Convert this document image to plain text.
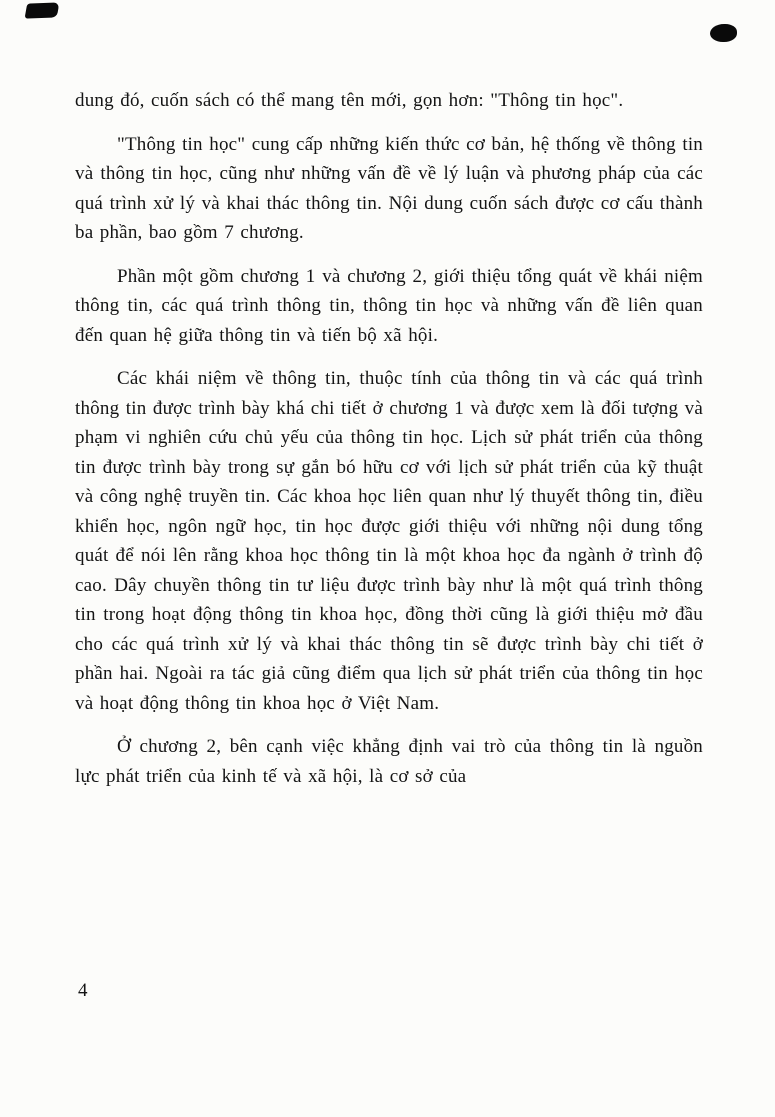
dung đó, cuốn sách có thể mang tên mới, gọn hơn: "Thông tin học".

"Thông tin học" cung cấp những kiến thức cơ bản, hệ thống về thông tin và thông tin học, cũng như những vấn đề về lý luận và phương pháp của các quá trình xử lý và khai thác thông tin. Nội dung cuốn sách được cơ cấu thành ba phần, bao gồm 7 chương.

Phần một gồm chương 1 và chương 2, giới thiệu tổng quát về khái niệm thông tin, các quá trình thông tin, thông tin học và những vấn đề liên quan đến quan hệ giữa thông tin và tiến bộ xã hội.

Các khái niệm về thông tin, thuộc tính của thông tin và các quá trình thông tin được trình bày khá chi tiết ở chương 1 và được xem là đối tượng và phạm vi nghiên cứu chủ yếu của thông tin học. Lịch sử phát triển của thông tin được trình bày trong sự gắn bó hữu cơ với lịch sử phát triển của kỹ thuật và công nghệ truyền tin. Các khoa học liên quan như lý thuyết thông tin, điều khiển học, ngôn ngữ học, tin học được giới thiệu với những nội dung tổng quát để nói lên rằng khoa học thông tin là một khoa học đa ngành ở trình độ cao. Dây chuyền thông tin tư liệu được trình bày như là một quá trình thông tin trong hoạt động thông tin khoa học, đồng thời cũng là giới thiệu mở đầu cho các quá trình xử lý và khai thác thông tin sẽ được trình bày chi tiết ở phần hai. Ngoài ra tác giả cũng điểm qua lịch sử phát triển của thông tin học và hoạt động thông tin khoa học ở Việt Nam.

Ở chương 2, bên cạnh việc khẳng định vai trò của thông tin là nguồn lực phát triển của kinh tế và xã hội, là cơ sở của

4
